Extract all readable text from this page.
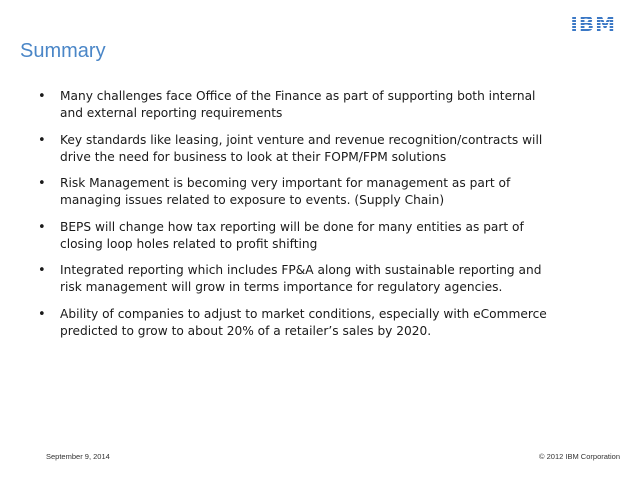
IBM
Summary
• Many challenges face Office of the Finance as part of supporting both internal and external reporting requirements
• Key standards like leasing, joint venture and revenue recognition/contracts will drive the need for business to look at their FOPM/FPM solutions
• Risk Management is becoming very important for management as part of managing issues related to exposure to events. (Supply Chain)
• BEPS will change how tax reporting will be done for many entities as part of closing loop holes related to profit shifting
• Integrated reporting which includes FP&A along with sustainable reporting and risk management will grow in terms importance for regulatory agencies.
• Ability of companies to adjust to market conditions, especially with eCommerce predicted to grow to about 20% of a retailer’s sales by 2020.
September 9, 2014	© 2012 IBM Corporation
